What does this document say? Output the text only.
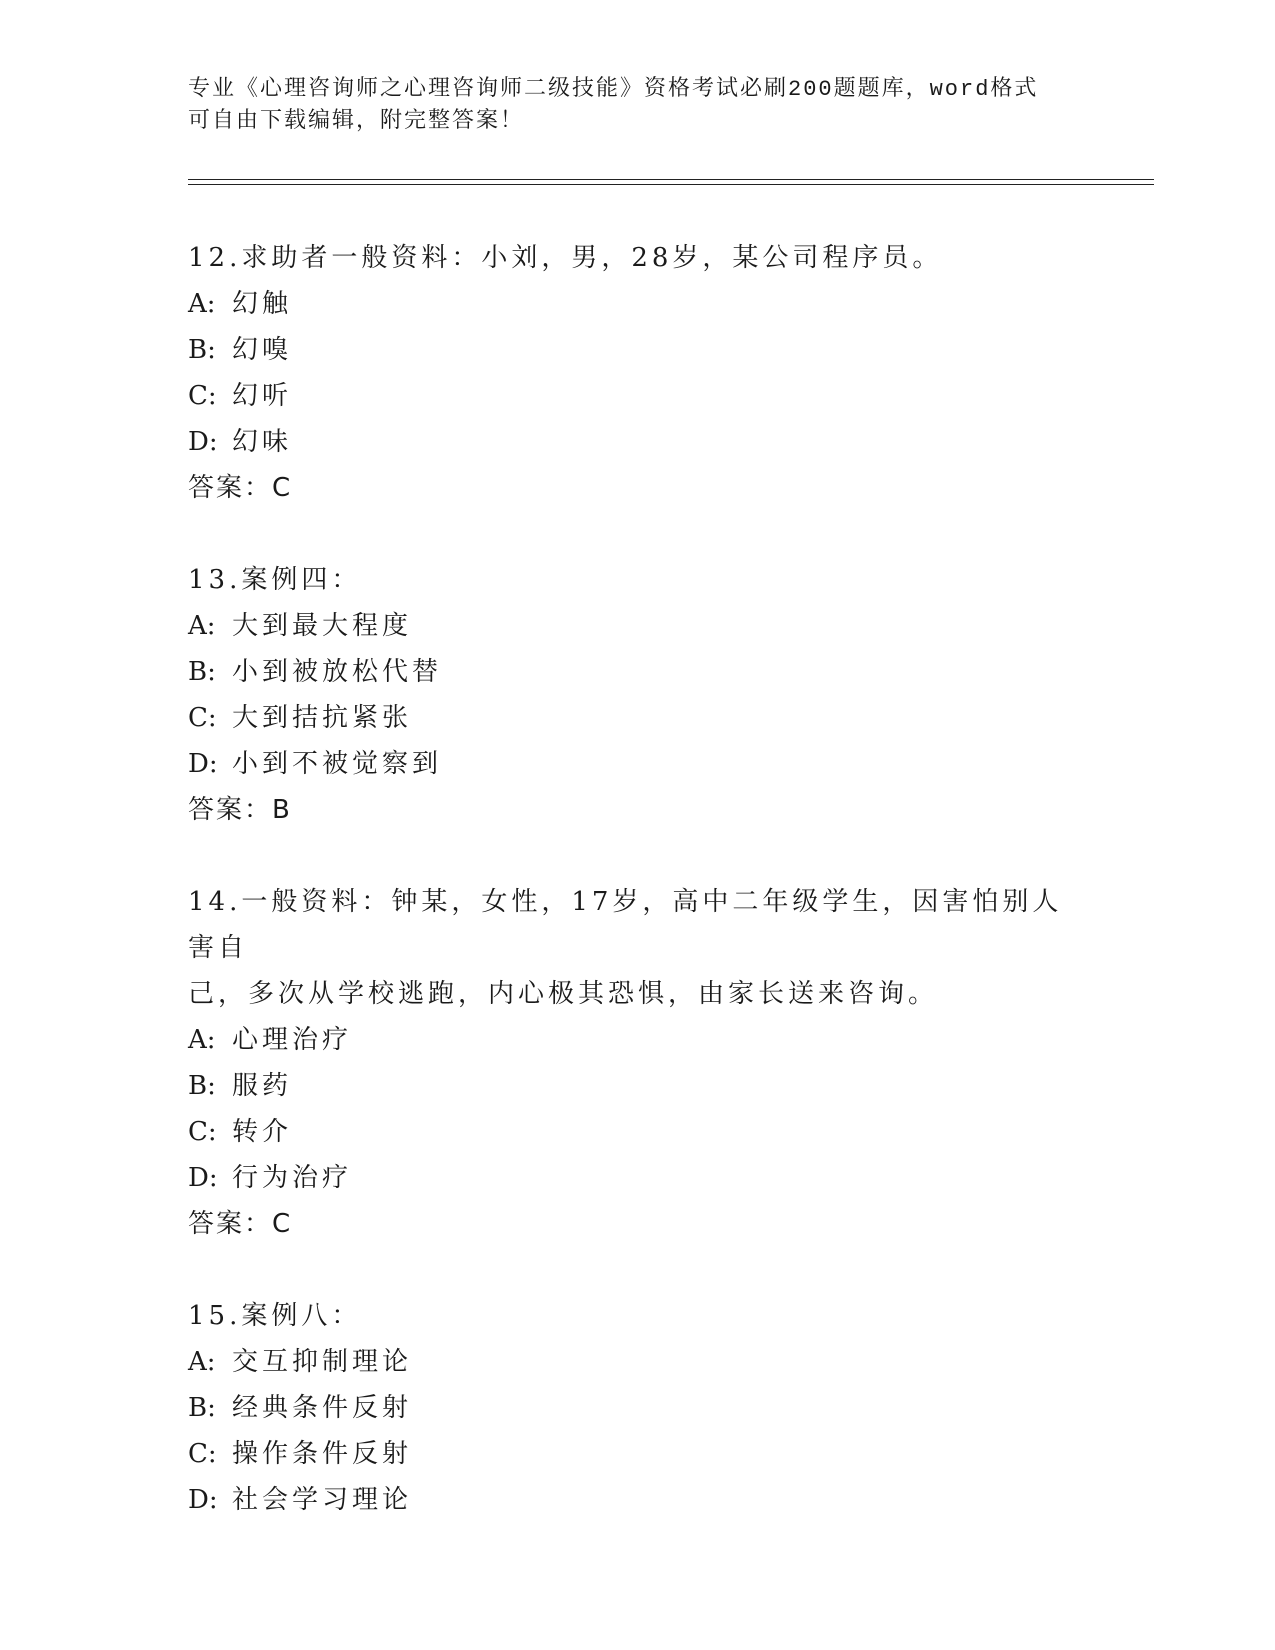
专业《心理咨询师之心理咨询师二级技能》资格考试必刷200题题库，word格式
可自由下载编辑，附完整答案！
12.求助者一般资料：小刘，男，28岁，某公司程序员。
A: 幻触
B: 幻嗅
C: 幻听
D: 幻味
答案：C
13.案例四：
A: 大到最大程度
B: 小到被放松代替
C: 大到拮抗紧张
D: 小到不被觉察到
答案：B
14.一般资料：钟某，女性，17岁，高中二年级学生，因害怕别人害自
己，多次从学校逃跑，内心极其恐惧，由家长送来咨询。
A: 心理治疗
B: 服药
C: 转介
D: 行为治疗
答案：C
15.案例八：
A: 交互抑制理论
B: 经典条件反射
C: 操作条件反射
D: 社会学习理论
